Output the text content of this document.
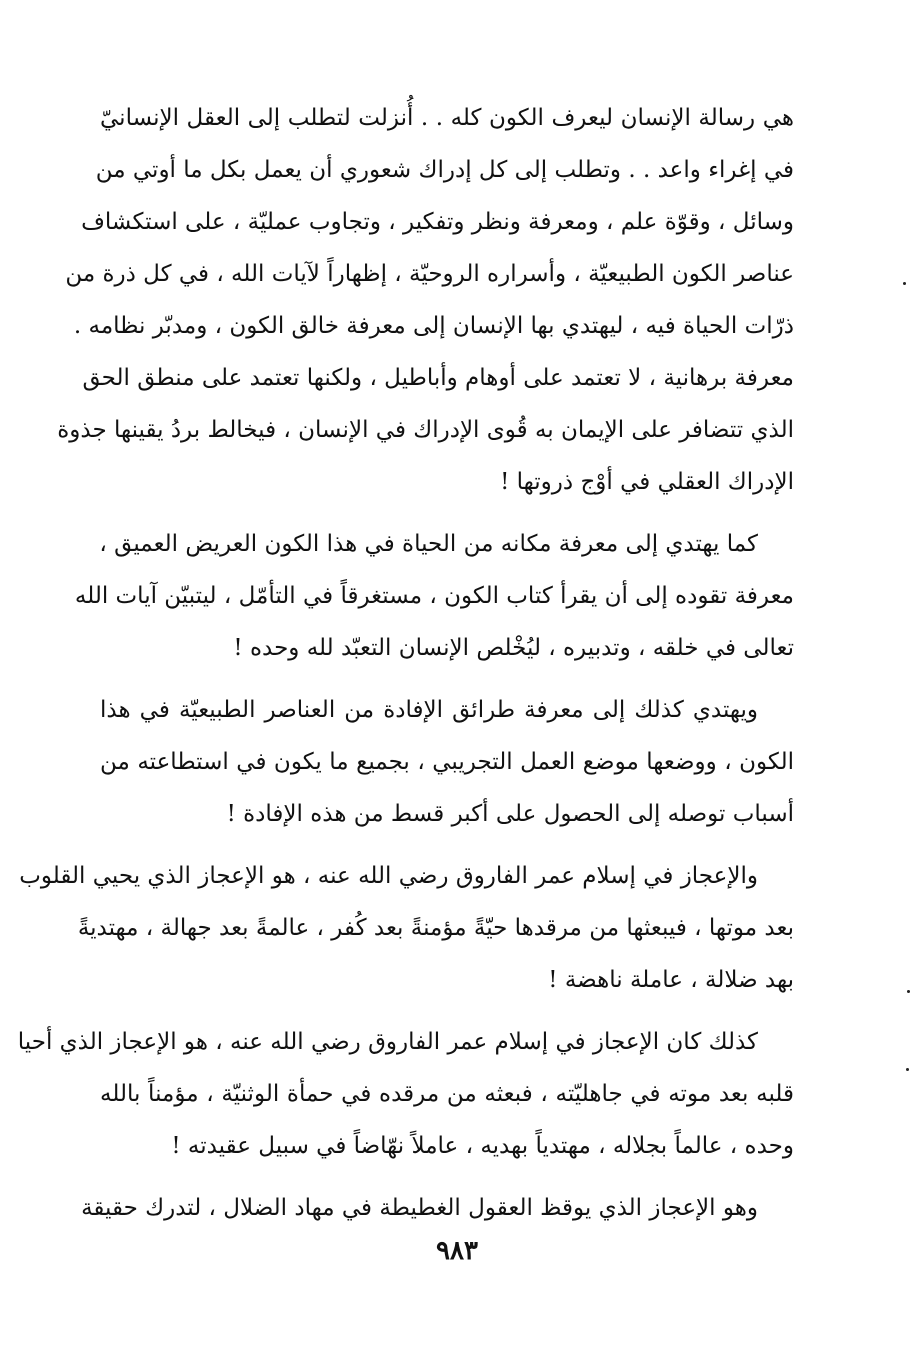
هي رسالة الإنسان ليعرف الكون كله . . أُنزلت لتطلب إلى العقل الإنسانيّ
في إغراء واعد . . وتطلب إلى كل إدراك شعوري أن يعمل بكل ما أوتي من
وسائل ، وقوّة علم ، ومعرفة ونظر وتفكير ، وتجاوب عمليّة ، على استكشاف
عناصر الكون الطبيعيّة ، وأسراره الروحيّة ، إظهاراً لآيات الله ، في كل ذرة من
ذرّات الحياة فيه ، ليهتدي بها الإنسان إلى معرفة خالق الكون ، ومدبّر نظامه .
معرفة برهانية ، لا تعتمد على أوهام وأباطيل ، ولكنها تعتمد على منطق الحق
الذي تتضافر على الإيمان به قُوى الإدراك في الإنسان ، فيخالط بردُ يقينها جذوة
الإدراك العقلي في أوْج ذروتها !
كما يهتدي إلى معرفة مكانه من الحياة في هذا الكون العريض العميق ،
معرفة تقوده إلى أن يقرأ كتاب الكون ، مستغرقاً في التأمّل ، ليتبيّن آيات الله
تعالى في خلقه ، وتدبيره ، ليُخْلص الإنسان التعبّد لله وحده !
ويهتدي كذلك إلى معرفة طرائق الإفادة من العناصر الطبيعيّة في هذا
الكون ، ووضعها موضع العمل التجريبي ، بجميع ما يكون في استطاعته من
أسباب توصله إلى الحصول على أكبر قسط من هذه الإفادة !
والإعجاز في إسلام عمر الفاروق رضي الله عنه ، هو الإعجاز الذي يحيي القلوب
بعد موتها ، فيبعثها من مرقدها حيّةً مؤمنةً بعد كُفر ، عالمةً بعد جهالة ، مهتديةً
بهد ضلالة ، عاملة ناهضة !
كذلك كان الإعجاز في إسلام عمر الفاروق رضي الله عنه ، هو الإعجاز الذي أحيا
قلبه بعد موته في جاهليّته ، فبعثه من مرقده في حمأة الوثنيّة ، مؤمناً بالله
وحده ، عالماً بجلاله ، مهتدياً بهديه ، عاملاً نهّاضاً في سبيل عقيدته !
وهو الإعجاز الذي يوقظ العقول الغطيطة في مهاد الضلال ، لتدرك حقيقة
٩٨٣
